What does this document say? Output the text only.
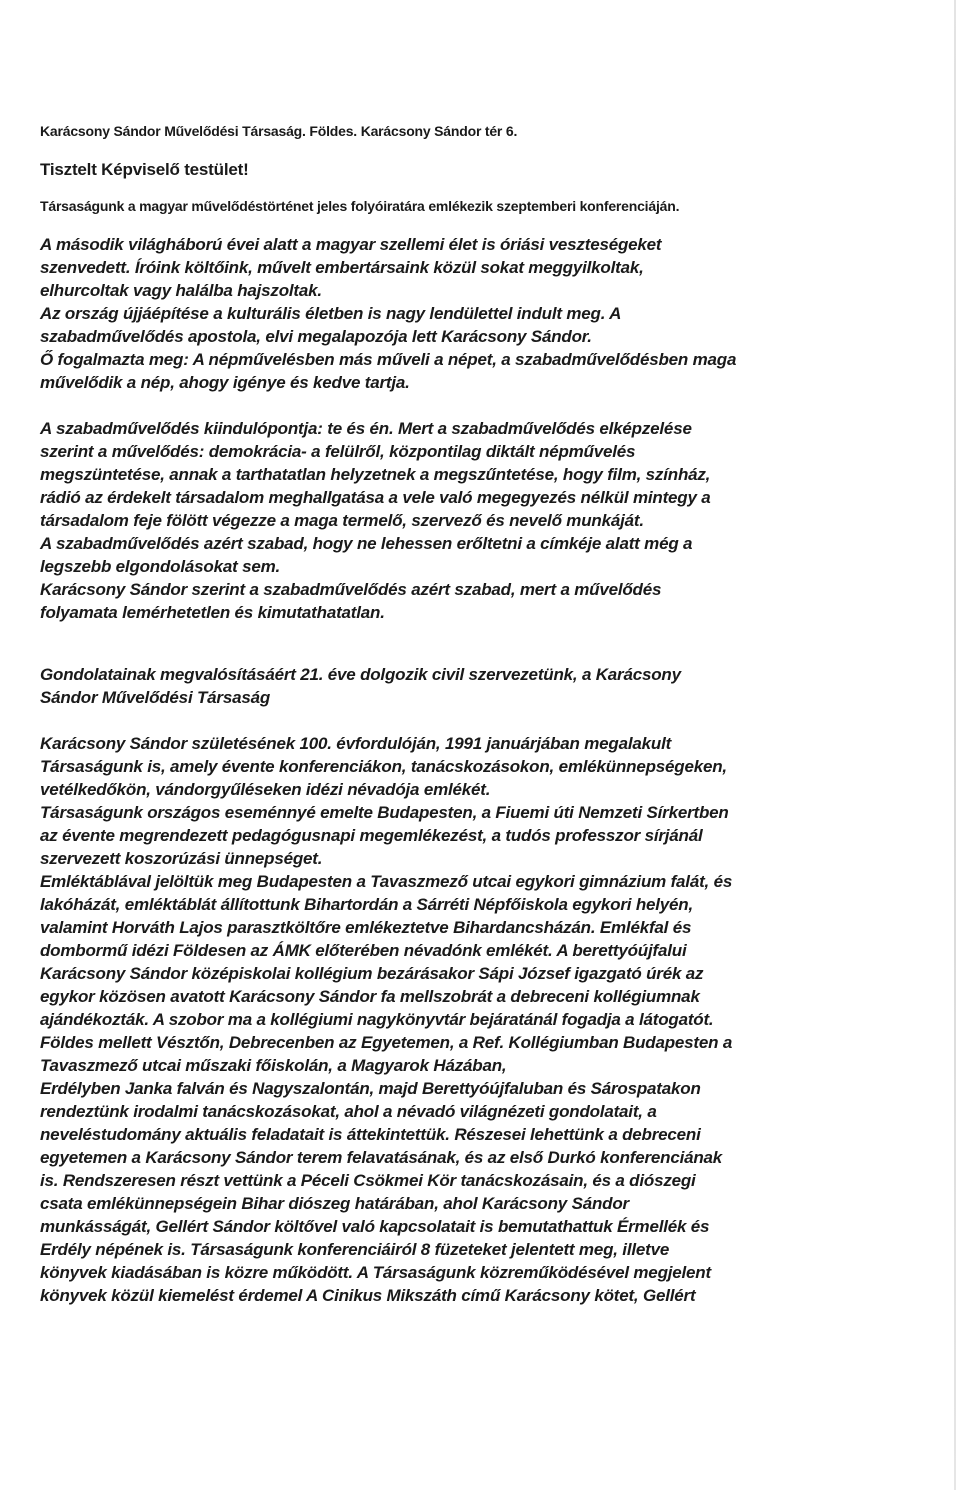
Karácsony Sándor Művelődési Társaság. Földes. Karácsony Sándor tér 6.
Tisztelt Képviselő testület!
Társaságunk a magyar művelődéstörténet jeles folyóiratára emlékezik szeptemberi konferenciáján.
A második világháború évei alatt a magyar szellemi élet is óriási veszteségeket
szenvedett. Íróink költőink, művelt embertársaink közül sokat meggyilkoltak,
elhurcoltak vagy halálba hajszoltak.
Az ország újjáépítése a kulturális életben is nagy lendülettel indult meg. A
szabadművelődés apostola, elvi megalapozója lett Karácsony Sándor.
Ő fogalmazta meg: A népművelésben más műveli a népet, a szabadművelődésben maga
művelődik a nép, ahogy igénye és kedve tartja.
A szabadművelődés kiindulópontja: te és én. Mert a szabadművelődés elképzelése
szerint a művelődés: demokrácia- a felülről, központilag diktált népművelés
megszüntetése, annak a tarthatatlan helyzetnek a megszűntetése, hogy film, színház,
rádió az érdekelt társadalom meghallgatása a vele való megegyezés nélkül mintegy a
társadalom feje fölött végezze a maga termelő, szervező és nevelő munkáját.
A szabadművelődés azért szabad, hogy ne lehessen erőltetni a címkéje alatt még a
legszebb elgondolásokat sem.
Karácsony Sándor szerint a szabadművelődés azért szabad, mert a művelődés
folyamata lemérhetetlen és kimutathatatlan.
Gondolatainak megvalósításáért 21. éve dolgozik civil szervezetünk, a Karácsony
Sándor Művelődési Társaság
Karácsony Sándor születésének 100. évfordulóján, 1991 januárjában megalakult
Társaságunk is, amely évente konferenciákon, tanácskozásokon, emlékünnepségeken,
vetélkedőkön, vándorgyűléseken idézi névadója emlékét.
Társaságunk országos eseménnyé emelte Budapesten, a Fiuemi úti Nemzeti Sírkertben
az évente megrendezett pedagógusnapi megemlékezést, a tudós professzor sírjánál
szervezett koszorúzási ünnepséget.
Emléktáblával jelöltük meg Budapesten a Tavaszmező utcai egykori gimnázium falát, és
lakóházát, emléktáblát állítottunk Bihartordán a Sárréti Népfőiskola egykori helyén,
valamint Horváth Lajos parasztköltőre emlékeztetve Bihardancsházán. Emlékfal és
dombormű idézi Földesen az ÁMK előterében névadónk emlékét. A berettyóújfalui
Karácsony Sándor középiskolai kollégium bezárásakor Sápi József igazgató úrék az
egykor közösen avatott Karácsony Sándor fa mellszobrát a debreceni kollégiumnak
ajándékozták. A szobor ma a kollégiumi nagykönyvtár bejáratánál fogadja a látogatót.
Földes mellett Vésztőn, Debrecenben az Egyetemen, a Ref. Kollégiumban Budapesten a
Tavaszmező utcai műszaki főiskolán, a Magyarok Házában,
Erdélyben Janka falván és Nagyszalontán, majd Berettyóújfaluban és Sárospatakon
rendeztünk irodalmi tanácskozásokat, ahol a névadó világnézeti gondolatait, a
neveléstudomány aktuális feladatait is áttekintettük. Részesei lehettünk a debreceni
egyetemen a Karácsony Sándor terem felavatásának, és az első Durkó konferenciának
is. Rendszeresen részt vettünk a Péceli Csökmei Kör tanácskozásain, és a diószegi
csata emlékünnepségein Bihar diószeg határában, ahol Karácsony Sándor
munkásságát, Gellért Sándor költővel való kapcsolatait is bemutathattuk Érmellék és
Erdély népének is. Társaságunk konferenciáiról 8 füzeteket jelentett meg, illetve
könyvek kiadásában is közre működött. A Társaságunk közreműködésével megjelent
könyvek közül kiemelést érdemel A Cinikus Mikszáth című Karácsony kötet, Gellért
